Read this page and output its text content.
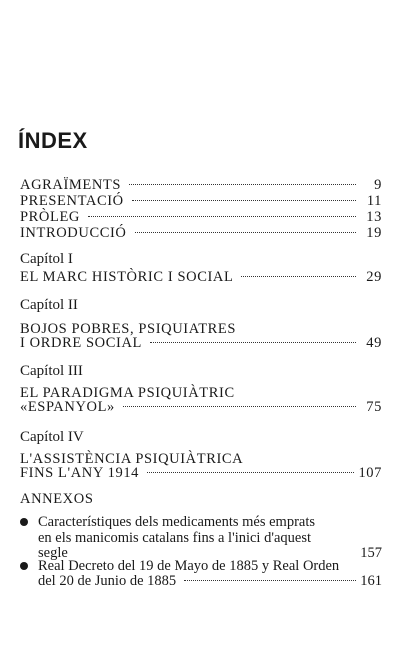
ÍNDEX
AGRAÏMENTS	9
PRESENTACIÓ	11
PRÒLEG	13
INTRODUCCIÓ	19
Capítol I
EL MARC HISTÒRIC I SOCIAL	29
Capítol II
BOJOS POBRES, PSIQUIATRES
I ORDRE SOCIAL	49
Capítol III
EL PARADIGMA PSIQUIÀTRIC
«ESPANYOL»	75
Capítol IV
L'ASSISTÈNCIA PSIQUIÀTRICA
FINS L'ANY 1914	107
ANNEXOS
Característiques dels medicaments més emprats
en els manicomis catalans fins a l'inici d'aquest
segle	157
Real Decreto del 19 de Mayo de 1885 y Real Orden
del 20 de Junio de 1885	161
